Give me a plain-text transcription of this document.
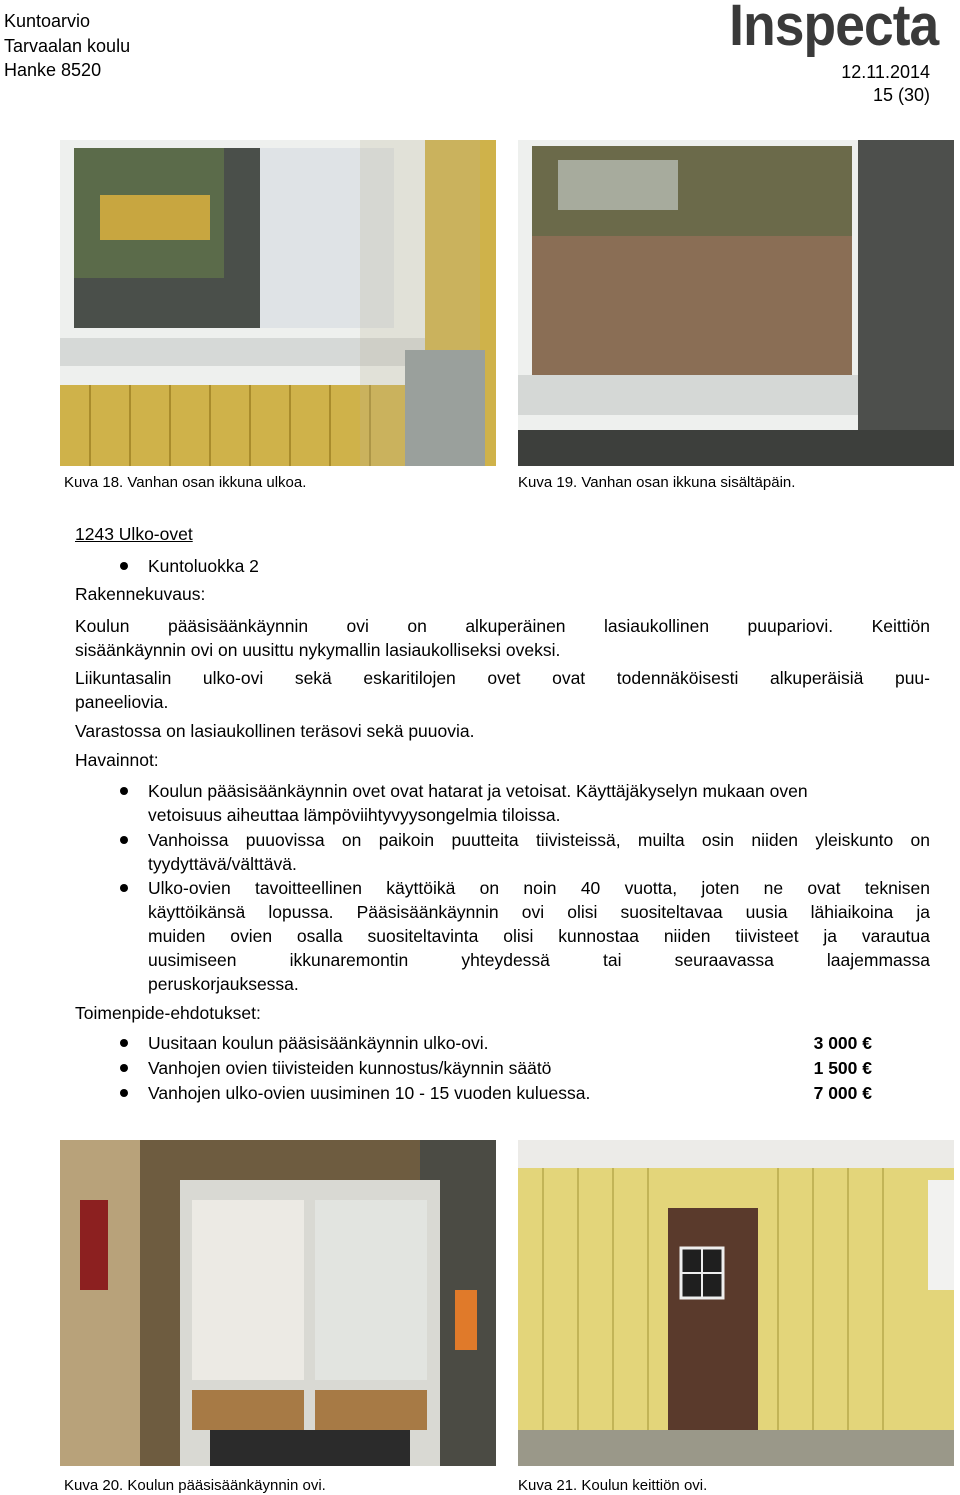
Kuntoarvio
Tarvaalan koulu
Hanke 8520
Inspecta
12.11.2014
15 (30)
Kuva 18. Vanhan osan ikkuna ulkoa.	Kuva 19. Vanhan osan ikkuna sisältäpäin.
1243 Ulko-ovet
Kuntoluokka 2
Rakennekuvaus:
Koulun pääsisäänkäynnin ovi on alkuperäinen lasiaukollinen puupariovi. Keittiön
sisäänkäynnin ovi on uusittu nykymallin lasiaukolliseksi oveksi.
Liikuntasalin ulko-ovi sekä eskaritilojen ovet ovat todennäköisesti alkuperäisiä puu-
paneeliovia.
Varastossa on lasiaukollinen teräsovi sekä puuovia.
Havainnot:
Koulun pääsisäänkäynnin ovet ovat hatarat ja vetoisat. Käyttäjäkyselyn mukaan oven
vetoisuus aiheuttaa lämpöviihtyvyysongelmia tiloissa.
Vanhoissa puuovissa on paikoin puutteita tiivisteissä, muilta osin niiden yleiskunto on
tyydyttävä/välttävä.
Ulko-ovien tavoitteellinen käyttöikä on noin 40 vuotta, joten ne ovat teknisen
käyttöikänsä lopussa. Pääsisäänkäynnin ovi olisi suositeltavaa uusia lähiaikoina ja
muiden ovien osalla suositeltavinta olisi kunnostaa niiden tiivisteet ja varautua
uusimiseen ikkunaremontin yhteydessä tai seuraavassa laajemmassa
peruskorjauksessa.
Toimenpide-ehdotukset:
Uusitaan koulun pääsisäänkäynnin ulko-ovi.	3 000 €
Vanhojen ovien tiivisteiden kunnostus/käynnin säätö	1 500 €
Vanhojen ulko-ovien uusiminen 10 - 15 vuoden kuluessa.	7 000 €
Kuva 20. Koulun pääsisäänkäynnin ovi.	Kuva 21. Koulun keittiön ovi.
